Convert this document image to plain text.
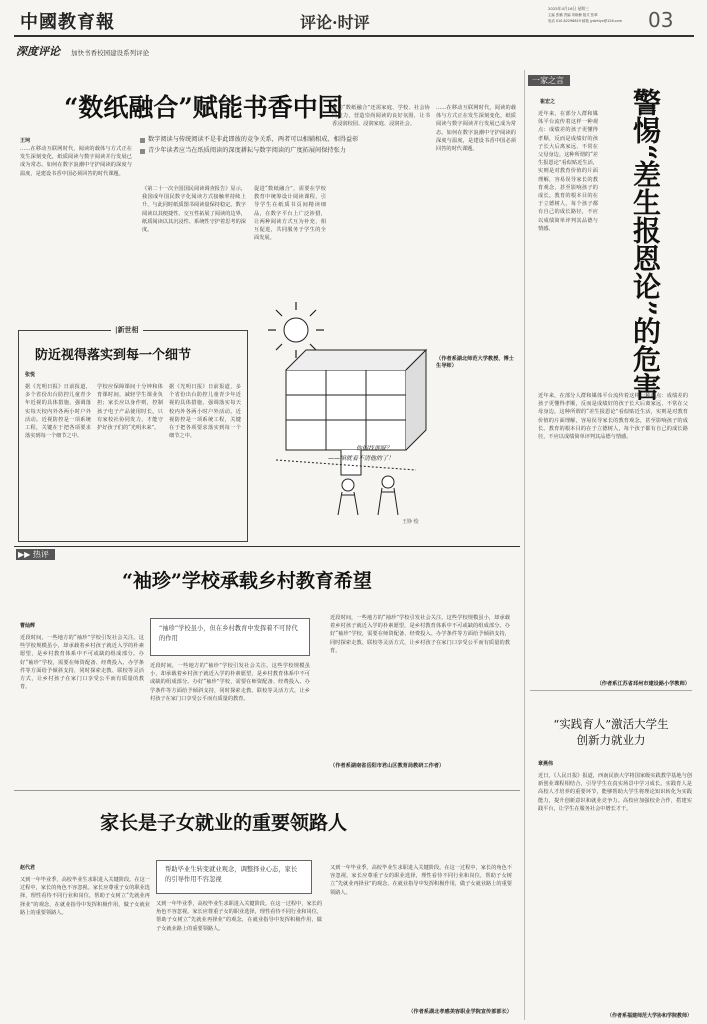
中國教育報	评论·时评	主编 张鹏 责编 刘晓楠 版式 张翠
电话 010-82296819 邮箱 jydzhlyx@126.com
2025年4月16日 星期三	03
深度评论 加快书香校园建设系列评论
“数纸融合”赋能书香中国
王珂	数字阅读与传统阅读不是非此即彼的竞争关系，两者可以相辅相成、相得益彰
青少年读者应当在纸质阅读的深度耕耘与数字阅读的广度拓展间保持张力
……在移动互联网时代，阅读的载体与方式正在发生深刻变化，纸质阅读与数字阅读并行发展已成为常态。如何在数字浪潮中守护阅读的深度与温度，是建设书香中国必须回答的时代课题。
《第二十一次全国国民阅读调查报告》显示，我国成年国民数字化阅读方式接触率持续上升，与此同时纸质图书阅读量保持稳定。数字阅读以其便捷性、交互性拓展了阅读的边界，纸质阅读以其沉浸性、系统性守护着思考的深度。
促进“数纸融合”，需要在学校教育中统筹设计阅读课程，引导学生在纸质书页间精读细品，在数字平台上广泛涉猎，让两种阅读方式互为补充、相互促进，共同服务于学生的全面发展。
推动“数纸融合”还需家庭、学校、社会协同发力，营造崇尚阅读的良好氛围，让书香浸润校园、浸润家庭、浸润社会。
……在移动互联网时代，阅读的载体与方式正在发生深刻变化，纸质阅读与数字阅读并行发展已成为常态。如何在数字浪潮中守护阅读的深度与温度，是建设书香中国必须回答的时代课题。
（作者系湖北师范大学教授、博士生导师）
|新世相
防近视得落实到每一个细节
张悦
据《光明日报》日前报道，多个省份出台防控儿童青少年近视的具体措施，强调落实每天校内外各两小时户外活动。近视防控是一项系统工程，关键在于把各项要求落实到每一个细节之中。
学校应保障课间十分钟和体育课时间，减轻学生课业负担；家长应以身作则，控制孩子电子产品使用时长。只有家校社协同发力，才能守护好孩子们的“光明未来”。
据《光明日报》日前报道，多个省份出台防控儿童青少年近视的具体措施，强调落实每天校内外各两小时户外活动。近视防控是一项系统工程，关键在于把各项要求落实到每一个细节之中。
你们找谁呀？
——咱就看不清他的了！
王铮 绘
一家之言
崔宏之
近年来，在部分人群和媒体平台流传着这样一种观点：成绩差的孩子更懂得孝顺，反而是成绩好的孩子长大后离家远、不常在父母身边。这种所谓的“差生报恩论”看似贴近生活，实则是对教育价值的片面理解，容易误导家长的教育观念，甚至影响孩子的成长。教育的根本目的在于立德树人，每个孩子都有自己的成长路径，不应以成绩简单评判其品德与情感。	警惕“差生报恩论”的危害
近年来，在部分人群和媒体平台流传着这样一种观点：成绩差的孩子更懂得孝顺，反而是成绩好的孩子长大后离家远、不常在父母身边。这种所谓的“差生报恩论”看似贴近生活，实则是对教育价值的片面理解，容易误导家长的教育观念，甚至影响孩子的成长。教育的根本目的在于立德树人，每个孩子都有自己的成长路径，不应以成绩简单评判其品德与情感。
（作者系江苏省邳州市建设路小学教师）
“实践育人”激活大学生
创新力就业力
章燕伟
近日，《人民日报》报道，西南民族大学将国家级实践教学基地与创新创业课程相结合，引导学生在真实场景中学习成长。实践育人是高校人才培养的重要环节，能够帮助大学生将理论知识转化为实践能力，提升创新意识和就业竞争力。高校应加强校企合作，搭建实践平台，让学生在服务社会中增长才干。
（作者系福建师范大学协和学院教师）
▶▶ 热评
“袖珍”学校承载乡村教育希望
“袖珍”学校虽小，但在乡村教育中发挥着不可替代的作用
曹灿辉
近段时间，一些地方的“袖珍”学校引发社会关注。这些学校规模虽小，却承载着乡村孩子就近入学的朴素愿望，是乡村教育体系中不可或缺的组成部分。办好“袖珍”学校，需要在师资配备、经费投入、办学条件等方面给予倾斜支持，同时探索走教、联校等灵活方式，让乡村孩子在家门口享受公平而有质量的教育。
近段时间，一些地方的“袖珍”学校引发社会关注。这些学校规模虽小，却承载着乡村孩子就近入学的朴素愿望，是乡村教育体系中不可或缺的组成部分。办好“袖珍”学校，需要在师资配备、经费投入、办学条件等方面给予倾斜支持，同时探索走教、联校等灵活方式，让乡村孩子在家门口享受公平而有质量的教育。
近段时间，一些地方的“袖珍”学校引发社会关注。这些学校规模虽小，却承载着乡村孩子就近入学的朴素愿望，是乡村教育体系中不可或缺的组成部分。办好“袖珍”学校，需要在师资配备、经费投入、办学条件等方面给予倾斜支持，同时探索走教、联校等灵活方式，让乡村孩子在家门口享受公平而有质量的教育。
（作者系湖南省岳阳市君山区教育局教研工作者）
家长是子女就业的重要领路人
帮助毕业生转变就业观念，调整择业心态，家长的引导作用不容忽视
赵代君
又到一年毕业季，高校毕业生求职进入关键阶段。在这一过程中，家长的角色不容忽视。家长应尊重子女的职业选择，理性看待不同行业和岗位，帮助子女树立“先就业再择业”的观念，在就业指导中发挥积极作用，做子女就业路上的重要领路人。
又到一年毕业季，高校毕业生求职进入关键阶段。在这一过程中，家长的角色不容忽视。家长应尊重子女的职业选择，理性看待不同行业和岗位，帮助子女树立“先就业再择业”的观念，在就业指导中发挥积极作用，做子女就业路上的重要领路人。
又到一年毕业季，高校毕业生求职进入关键阶段。在这一过程中，家长的角色不容忽视。家长应尊重子女的职业选择，理性看待不同行业和岗位，帮助子女树立“先就业再择业”的观念，在就业指导中发挥积极作用，做子女就业路上的重要领路人。
（作者系湖北孝感美容职业学院宣传部部长）
